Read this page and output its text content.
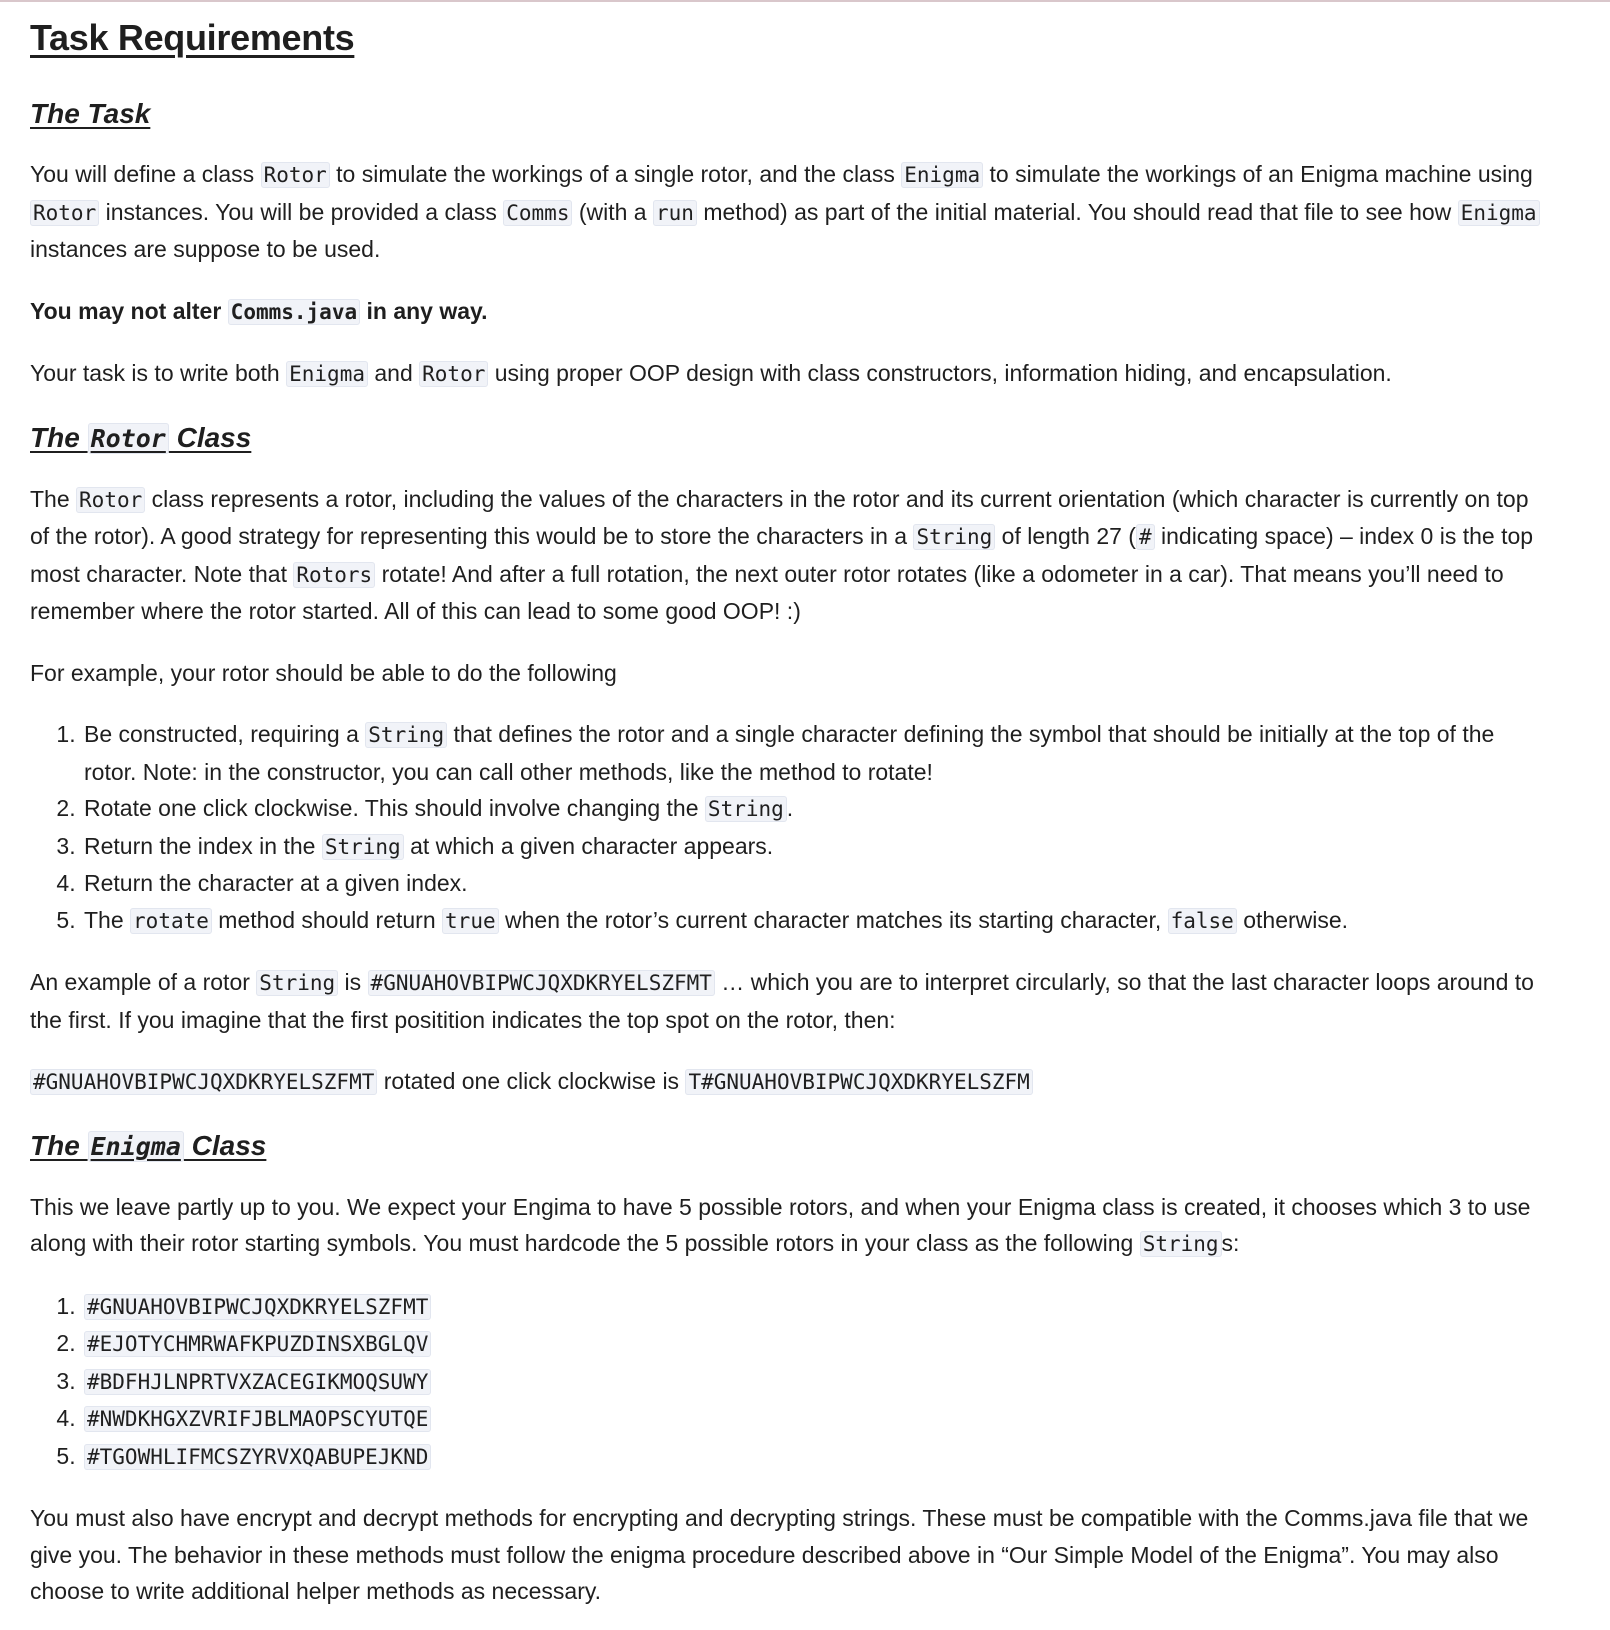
Task Requirements
The Task

You will define a class Rotor to simulate the workings of a single rotor, and the class Enigma to simulate the workings of an Enigma machine using Rotor instances. You will be provided a class Comms (with a run method) as part of the initial material. You should read that file to see how Enigma instances are suppose to be used.

You may not alter Comms.java in any way.

Your task is to write both Enigma and Rotor using proper OOP design with class constructors, information hiding, and encapsulation.

The Rotor Class

The Rotor class represents a rotor, including the values of the characters in the rotor and its current orientation (which character is currently on top of the rotor). A good strategy for representing this would be to store the characters in a String of length 27 ( # indicating space) – index 0 is the top most character. Note that Rotors rotate! And after a full rotation, the next outer rotor rotates (like a odometer in a car). That means you’ll need to remember where the rotor started. All of this can lead to some good OOP! :)

For example, your rotor should be able to do the following

1. Be constructed, requiring a String that defines the rotor and a single character defining the symbol that should be initially at the top of the rotor. Note: in the constructor, you can call other methods, like the method to rotate!
2. Rotate one click clockwise. This should involve changing the String .
3. Return the index in the String at which a given character appears.
4. Return the character at a given index.
5. The rotate method should return true when the rotor’s current character matches its starting character, false otherwise.

An example of a rotor String is #GNUAHOVBIPWCJQXDKRYELSZFMT … which you are to interpret circularly, so that the last character loops around to the first. If you imagine that the first positition indicates the top spot on the rotor, then:

#GNUAHOVBIPWCJQXDKRYELSZFMT rotated one click clockwise is T#GNUAHOVBIPWCJQXDKRYELSZFM

The Enigma Class

This we leave partly up to you. We expect your Engima to have 5 possible rotors, and when your Enigma class is created, it chooses which 3 to use along with their rotor starting symbols. You must hardcode the 5 possible rotors in your class as the following String s:

1. #GNUAHOVBIPWCJQXDKRYELSZFMT
2. #EJOTYCHMRWAFKPUZDINSXBGLQV
3. #BDFHJLNPRTVXZACEGIKMOQSUWY
4. #NWDKHGXZVRIFJBLMAOPSCYUTQE
5. #TGOWHLIFMCSZYRVXQABUPEJKND

You must also have encrypt and decrypt methods for encrypting and decrypting strings. These must be compatible with the Comms.java file that we give you. The behavior in these methods must follow the enigma procedure described above in “Our Simple Model of the Enigma”. You may also choose to write additional helper methods as necessary.
